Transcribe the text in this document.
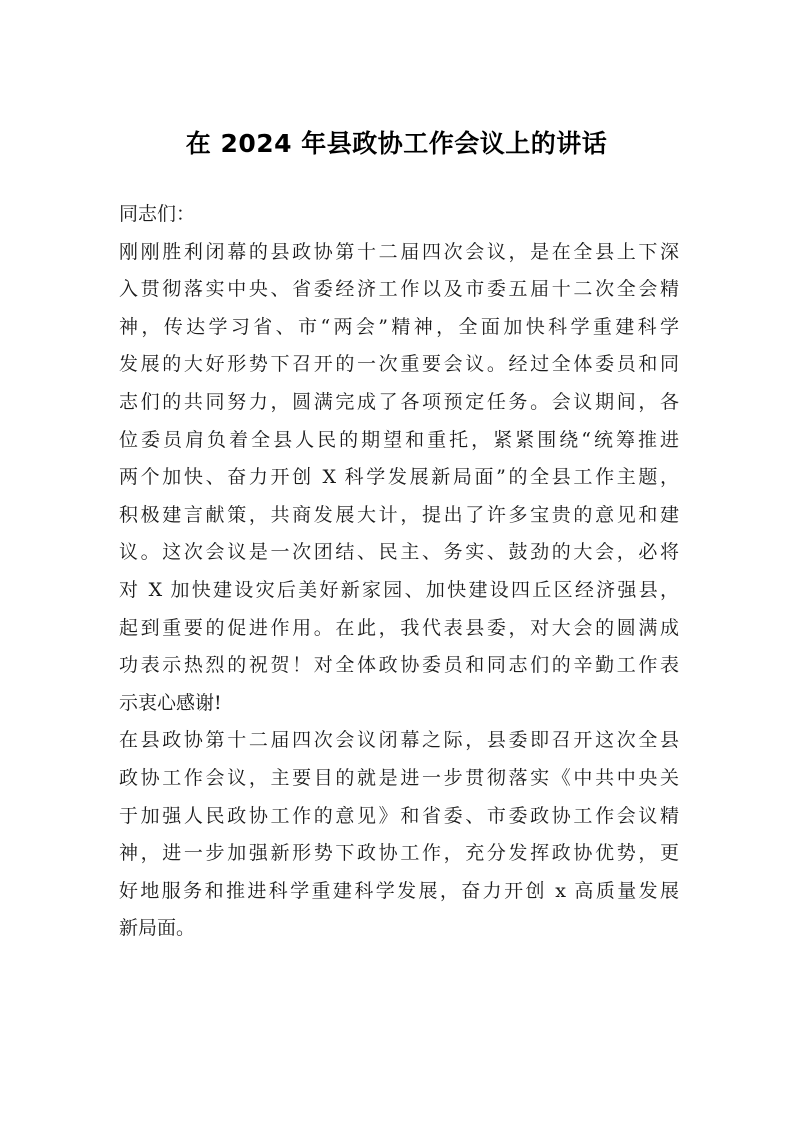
在 2024 年县政协工作会议上的讲话
同志们：
刚刚胜利闭幕的县政协第十二届四次会议，是在全县上下深
入贯彻落实中央、省委经济工作以及市委五届十二次全会精
神，传达学习省、市“两会”精神，全面加快科学重建科学
发展的大好形势下召开的一次重要会议。经过全体委员和同
志们的共同努力，圆满完成了各项预定任务。会议期间，各
位委员肩负着全县人民的期望和重托，紧紧围绕“统筹推进
两个加快、奋力开创 X 科学发展新局面”的全县工作主题，
积极建言献策，共商发展大计，提出了许多宝贵的意见和建
议。这次会议是一次团结、民主、务实、鼓劲的大会，必将
对 X 加快建设灾后美好新家园、加快建设四丘区经济强县，
起到重要的促进作用。在此，我代表县委，对大会的圆满成
功表示热烈的祝贺！对全体政协委员和同志们的辛勤工作表
示衷心感谢!
在县政协第十二届四次会议闭幕之际，县委即召开这次全县
政协工作会议，主要目的就是进一步贯彻落实《中共中央关
于加强人民政协工作的意见》和省委、市委政协工作会议精
神，进一步加强新形势下政协工作，充分发挥政协优势，更
好地服务和推进科学重建科学发展，奋力开创 x 高质量发展
新局面。
